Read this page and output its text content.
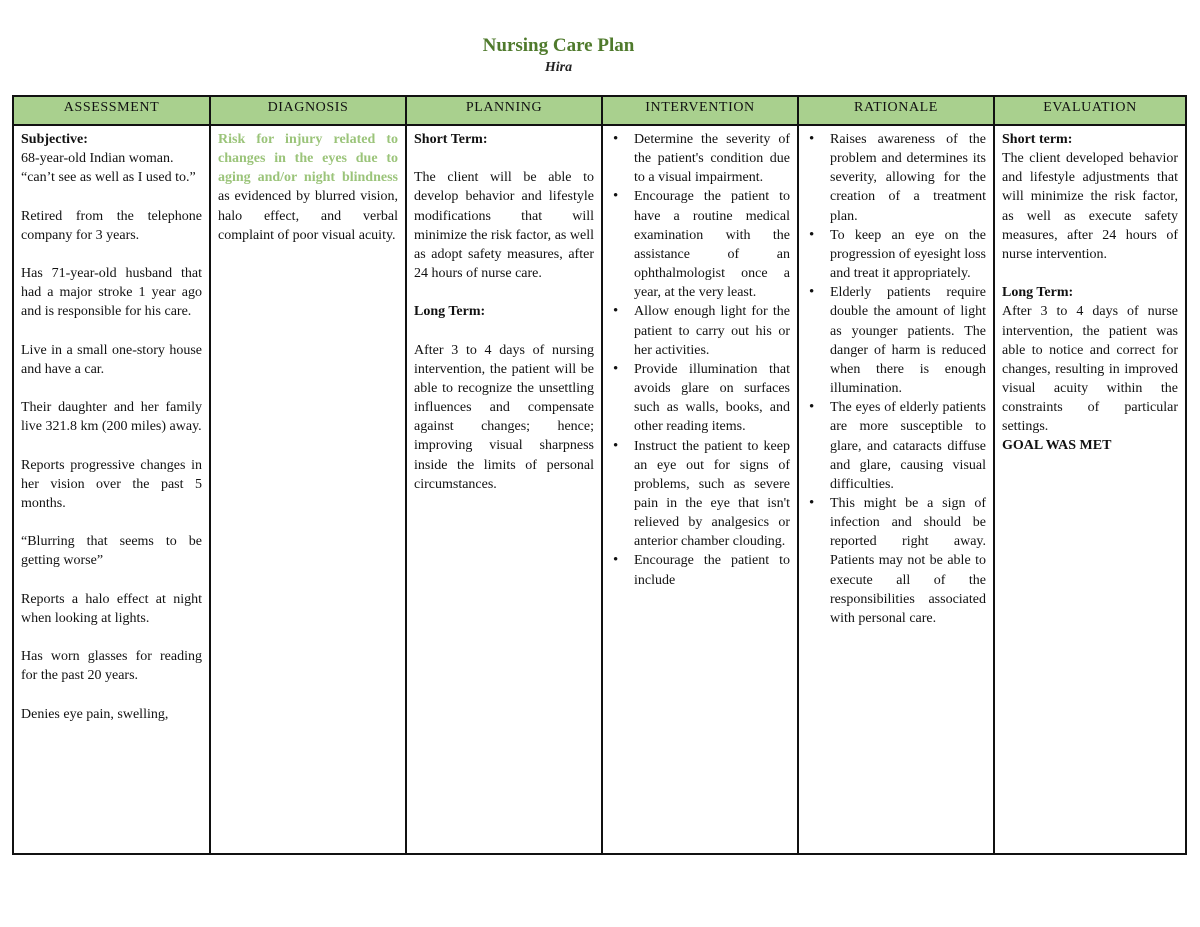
Nursing Care Plan
Hira
ASSESSMENT

Subjective:

68-year-old Indian woman.

“can’t see as well as I used to.”

Retired from the telephone company for 3 years.

Has 71-year-old husband that had a major stroke 1 year ago and is responsible for his care.

Live in a small one-story house and have a car.

Their daughter and her family live 321.8 km (200 miles) away.

Reports progressive changes in her vision over the past 5 months.

“Blurring that seems to be getting worse”

Reports a halo effect at night when looking at lights.

Has worn glasses for reading for the past 20 years.

Denies eye pain, swelling,

DIAGNOSIS

Risk for injury related to changes in the eyes due to aging and/or night blindness as evidenced by blurred vision, halo effect, and verbal complaint of poor visual acuity.

PLANNING

Short Term:

The client will be able to develop behavior and lifestyle modifications that will minimize the risk factor, as well as adopt safety measures, after 24 hours of nurse care.

Long Term:

After 3 to 4 days of nursing intervention, the patient will be able to recognize the unsettling influences and compensate against changes; hence; improving visual sharpness inside the limits of personal circumstances.

INTERVENTION
• Determine the severity of the patient's condition due to a visual impairment.
• Encourage the patient to have a routine medical examination with the assistance of an ophthalmologist once a year, at the very least.
• Allow enough light for the patient to carry out his or her activities.
• Provide illumination that avoids glare on surfaces such as walls, books, and other reading items.
• Instruct the patient to keep an eye out for signs of problems, such as severe pain in the eye that isn't relieved by analgesics or anterior chamber clouding.
• Encourage the patient to include
RATIONALE
• Raises awareness of the problem and determines its severity, allowing for the creation of a treatment plan.
• To keep an eye on the progression of eyesight loss and treat it appropriately.
• Elderly patients require double the amount of light as younger patients. The danger of harm is reduced when there is enough illumination.
• The eyes of elderly patients are more susceptible to glare, and cataracts diffuse and glare, causing visual difficulties.
• This might be a sign of infection and should be reported right away. Patients may not be able to execute all of the responsibilities associated with personal care.
EVALUATION

Short term:

The client developed behavior and lifestyle adjustments that will minimize the risk factor, as well as execute safety measures, after 24 hours of nurse intervention.

Long Term:

After 3 to 4 days of nurse intervention, the patient was able to notice and correct for changes, resulting in improved visual acuity within the constraints of particular settings.

GOAL WAS MET
